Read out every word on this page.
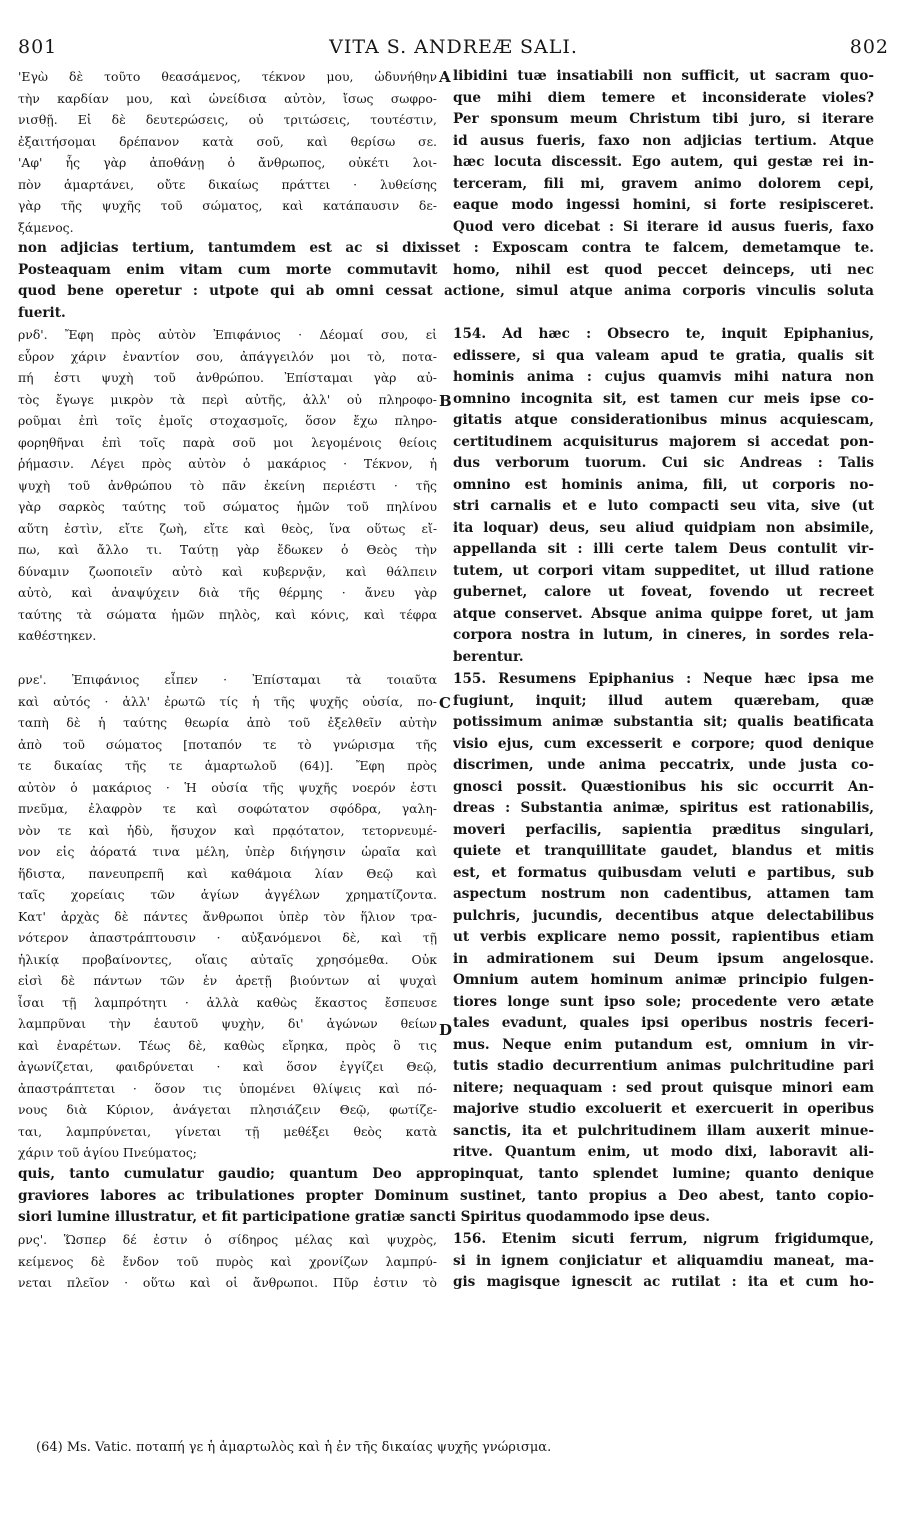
801	VITA S. ANDREÆ SALI.	802
'Εγὼ δὲ τοῦτο θεασάμενος, τέκνον μου, ὠδυνήθην
τὴν καρδίαν μου, καὶ ὠνείδισα αὐτὸν, ἴσως σωφρο-
νισθῇ. Εἰ δὲ δευτερώσεις, οὐ τριτώσεις, τουτέστιν,
ἐξαιτήσομαι δρέπανον κατὰ σοῦ, καὶ θερίσω σε.
'Αφ' ἧς γὰρ ἀποθάνῃ ὁ ἄνθρωπος, οὐκέτι λοι-
πὸν ἁμαρτάνει, οὔτε δικαίως πράττει · λυθείσης
γὰρ τῆς ψυχῆς τοῦ σώματος, καὶ κατάπαυσιν δε-
ξάμενος.
libidini tuæ insatiabili non sufficit, ut sacram quo-
que mihi diem temere et inconsiderate violes?
Per sponsum meum Christum tibi juro, si iterare
id ausus fueris, faxo non adjicias tertium. Atque
hæc locuta discessit. Ego autem, qui gestæ rei in-
terceram, fili mi, gravem animo dolorem cepi,
eaque modo ingessi homini, si forte resipisceret.
Quod vero dicebat : Si iterare id ausus fueris, faxo
non adjicias tertium, tantumdem est ac si dixisset : Exposcam contra te falcem, demetamque te.
Posteaquam enim vitam cum morte commutavit homo, nihil est quod peccet deinceps, uti nec
quod bene operetur : utpote qui ab omni cessat actione, simul atque anima corporis vinculis soluta
fuerit.
ρνδ'. Ἔφη πρὸς αὐτὸν Ἐπιφάνιος · Δέομαί σου, εἰ
εὗρον χάριν ἐναντίον σου, ἀπάγγειλόν μοι τὸ, ποτα-
πή ἐστι ψυχὴ τοῦ ἀνθρώπου. Ἐπίσταμαι γὰρ αὐ-
τὸς ἔγωγε μικρὸν τὰ περὶ αὐτῆς, ἀλλ' οὐ πληροφο-
ροῦμαι ἐπὶ τοῖς ἐμοῖς στοχασμοῖς, ὅσον ἔχω πληρο-
φορηθῆναι ἐπὶ τοῖς παρὰ σοῦ μοι λεγομένοις θείοις
ῥήμασιν. Λέγει πρὸς αὐτὸν ὁ μακάριος · Τέκνον, ἡ
ψυχὴ τοῦ ἀνθρώπου τὸ πᾶν ἐκείνη περιέστι · τῆς
γὰρ σαρκὸς ταύτης τοῦ σώματος ἡμῶν τοῦ πηλίνου
αὕτη ἐστὶν, εἴτε ζωὴ, εἴτε καὶ θεὸς, ἵνα οὕτως εἴ-
πω, καὶ ἄλλο τι. Ταύτῃ γὰρ ἔδωκεν ὁ Θεὸς τὴν
δύναμιν ζωοποιεῖν αὐτὸ καὶ κυβερνᾷν, καὶ θάλπειν
αὐτὸ, καὶ ἀναψύχειν διὰ τῆς θέρμης · ἄνευ γὰρ
ταύτης τὰ σώματα ἡμῶν πηλὸς, καὶ κόνις, καὶ τέφρα
καθέστηκεν.
154. Ad hæc : Obsecro te, inquit Epiphanius,
edissere, si qua valeam apud te gratia, qualis sit
hominis anima : cujus quamvis mihi natura non
omnino incognita sit, est tamen cur meis ipse co-
gitatis atque considerationibus minus acquiescam,
certitudinem acquisiturus majorem si accedat pon-
dus verborum tuorum. Cui sic Andreas : Talis
omnino est hominis anima, fili, ut corporis no-
stri carnalis et e luto compacti seu vita, sive (ut
ita loquar) deus, seu aliud quidpiam non absimile,
appellanda sit : illi certe talem Deus contulit vir-
tutem, ut corpori vitam suppeditet, ut illud ratione
gubernet, calore ut foveat, fovendo ut recreet
atque conservet. Absque anima quippe foret, ut jam
corpora nostra in lutum, in cineres, in sordes rela-
berentur.
ρνε'. Ἐπιφάνιος εἶπεν · Ἐπίσταμαι τὰ τοιαῦτα
καὶ αὐτός · ἀλλ' ἐρωτῶ τίς ἡ τῆς ψυχῆς οὐσία, πο-
ταπὴ δὲ ἡ ταύτης θεωρία ἀπὸ τοῦ ἐξελθεῖν αὐτὴν
ἀπὸ τοῦ σώματος [ποταπόν τε τὸ γνώρισμα τῆς
τε δικαίας τῆς τε ἁμαρτωλοῦ (64)]. Ἔφη πρὸς
αὐτὸν ὁ μακάριος · Ἡ οὐσία τῆς ψυχῆς νοερόν ἐστι
πνεῦμα, ἐλαφρὸν τε καὶ σοφώτατον σφόδρα, γαλη-
νὸν τε καὶ ἡδὺ, ἥσυχον καὶ πρᾳότατον, τετορνευμέ-
νον εἰς ἀόρατά τινα μέλη, ὑπὲρ διήγησιν ὡραῖα καὶ
ἥδιστα, πανευπρεπῆ καὶ καθάμοια λίαν Θεῷ καὶ
ταῖς χορείαις τῶν ἁγίων ἀγγέλων χρηματίζοντα.
Κατ' ἀρχὰς δὲ πάντες ἄνθρωποι ὑπὲρ τὸν ἥλιον τρα-
νότερον ἀπαστράπτουσιν · αὐξανόμενοι δὲ, καὶ τῇ
ἡλικίᾳ προβαίνοντες, οἵαις αὐταῖς χρησόμεθα. Οὐκ
εἰσὶ δὲ πάντων τῶν ἐν ἀρετῇ βιούντων αἱ ψυχαὶ
ἶσαι τῇ λαμπρότητι · ἀλλὰ καθὼς ἕκαστος ἔσπευσε
λαμπρῦναι τὴν ἑαυτοῦ ψυχὴν, δι' ἀγώνων θείων
καὶ ἐναρέτων. Τέως δὲ, καθὼς εἴρηκα, πρὸς ὃ τις
ἀγωνίζεται, φαιδρύνεται · καὶ ὅσον ἐγγίζει Θεῷ,
ἀπαστράπτεται · ὅσον τις ὑπομένει θλίψεις καὶ πό-
νους διὰ Κύριον, ἀνάγεται πλησιάζειν Θεῷ, φωτίζε-
ται, λαμπρύνεται, γίνεται τῇ μεθέξει θεὸς κατὰ
χάριν τοῦ ἁγίου Πνεύματος;
155. Resumens Epiphanius : Neque hæc ipsa me
fugiunt, inquit; illud autem quærebam, quæ
potissimum animæ substantia sit; qualis beatificata
visio ejus, cum excesserit e corpore; quod denique
discrimen, unde anima peccatrix, unde justa co-
gnosci possit. Quæstionibus his sic occurrit An-
dreas : Substantia animæ, spiritus est rationabilis,
moveri perfacilis, sapientia præditus singulari,
quiete et tranquillitate gaudet, blandus et mitis
est, et formatus quibusdam veluti e partibus, sub
aspectum nostrum non cadentibus, attamen tam
pulchris, jucundis, decentibus atque delectabilibus
ut verbis explicare nemo possit, rapientibus etiam
in admirationem sui Deum ipsum angelosque.
Omnium autem hominum animæ principio fulgen-
tiores longe sunt ipso sole; procedente vero ætate
tales evadunt, quales ipsi operibus nostris feceri-
mus. Neque enim putandum est, omnium in vir-
tutis stadio decurrentium animas pulchritudine pari
nitere; nequaquam : sed prout quisque minori eam
majorive studio excoluerit et exercuerit in operibus
sanctis, ita et pulchritudinem illam auxerit minue-
ritve. Quantum enim, ut modo dixi, laboravit ali-
quis, tanto cumulatur gaudio; quantum Deo appropinquat, tanto splendet lumine; quanto denique
graviores labores ac tribulationes propter Dominum sustinet, tanto propius a Deo abest, tanto copio-
siori lumine illustratur, et fit participatione gratiæ sancti Spiritus quodammodo ipse deus.
ρνς'. Ὥσπερ δέ ἐστιν ὁ σίδηρος μέλας καὶ ψυχρὸς,
κείμενος δὲ ἔνδον τοῦ πυρὸς καὶ χρονίζων λαμπρύ-
νεται πλεῖον · οὕτω καὶ οἱ ἄνθρωποι. Πῦρ ἐστιν τὸ
156. Etenim sicuti ferrum, nigrum frigidumque,
si in ignem conjiciatur et aliquamdiu maneat, ma-
gis magisque ignescit ac rutilat : ita et cum ho-
A
B
C
D
(64) Ms. Vatic. ποταπή γε ἡ ἁμαρτωλὸς καὶ ἡ ἐν τῆς δικαίας ψυχῆς γνώρισμα.
